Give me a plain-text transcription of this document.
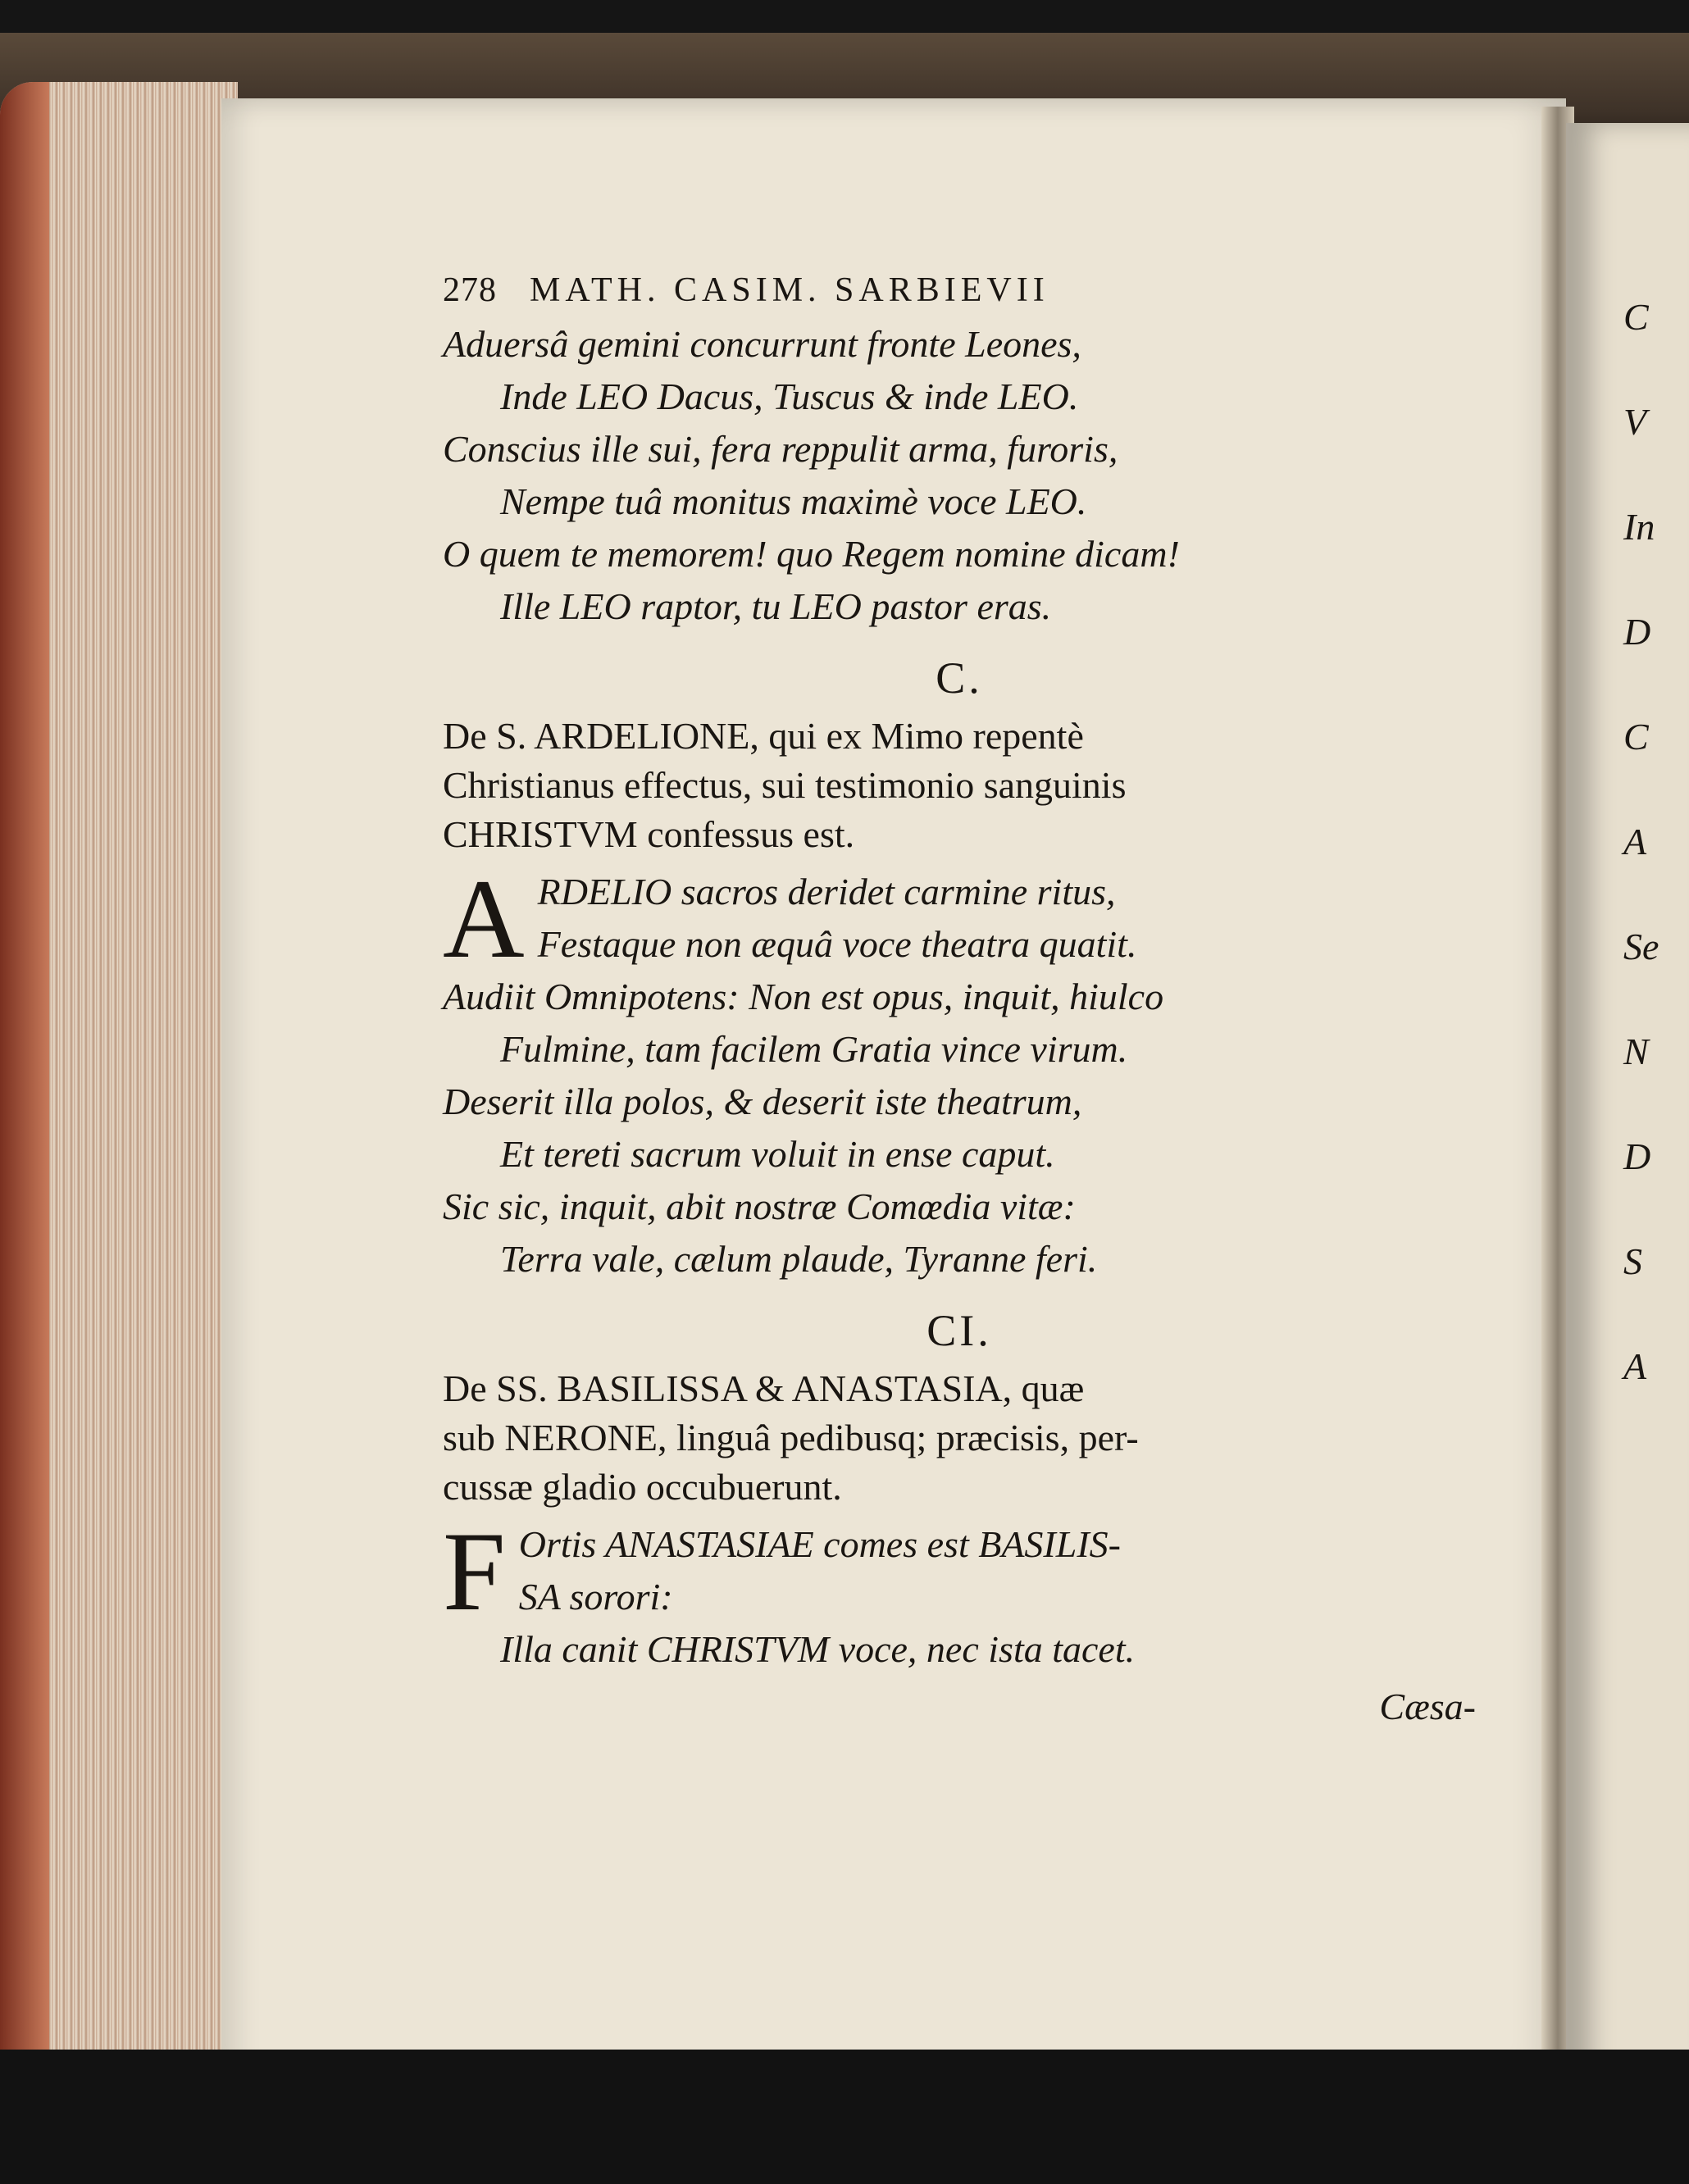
278 MATH. CASIM. SARBIEVII
Aduersâ gemini concurrunt fronte Leones,
Inde LEO Dacus, Tuscus & inde LEO.
Conscius ille sui, fera reppulit arma, furoris,
Nempe tuâ monitus maximè voce LEO.
O quem te memorem! quo Regem nomine dicam!
Ille LEO raptor, tu LEO pastor eras.
C.
De S. ARDELIONE, qui ex Mimo repentè
Christianus effectus, sui testimonio sanguinis
CHRISTVM confessus est.
ARDELIO sacros deridet carmine ritus,
Festaque non æquâ voce theatra quatit.
Audiit Omnipotens: Non est opus, inquit, hiulco
Fulmine, tam facilem Gratia vince virum.
Deserit illa polos, & deserit iste theatrum,
Et tereti sacrum voluit in ense caput.
Sic sic, inquit, abit nostræ Comœdia vitæ:
Terra vale, cælum plaude, Tyranne feri.
CI.
De SS. BASILISSA & ANASTASIA, quæ
sub NERONE, linguâ pedibusq; præcisis, per-
cussæ gladio occubuerunt.
F Ortis ANASTASIAE comes est BASILIS-
SA sorori:
Illa canit CHRISTVM voce, nec ista tacet.
Cæsa-
C
V
In
D
C
A
Se
N
D
S
A
